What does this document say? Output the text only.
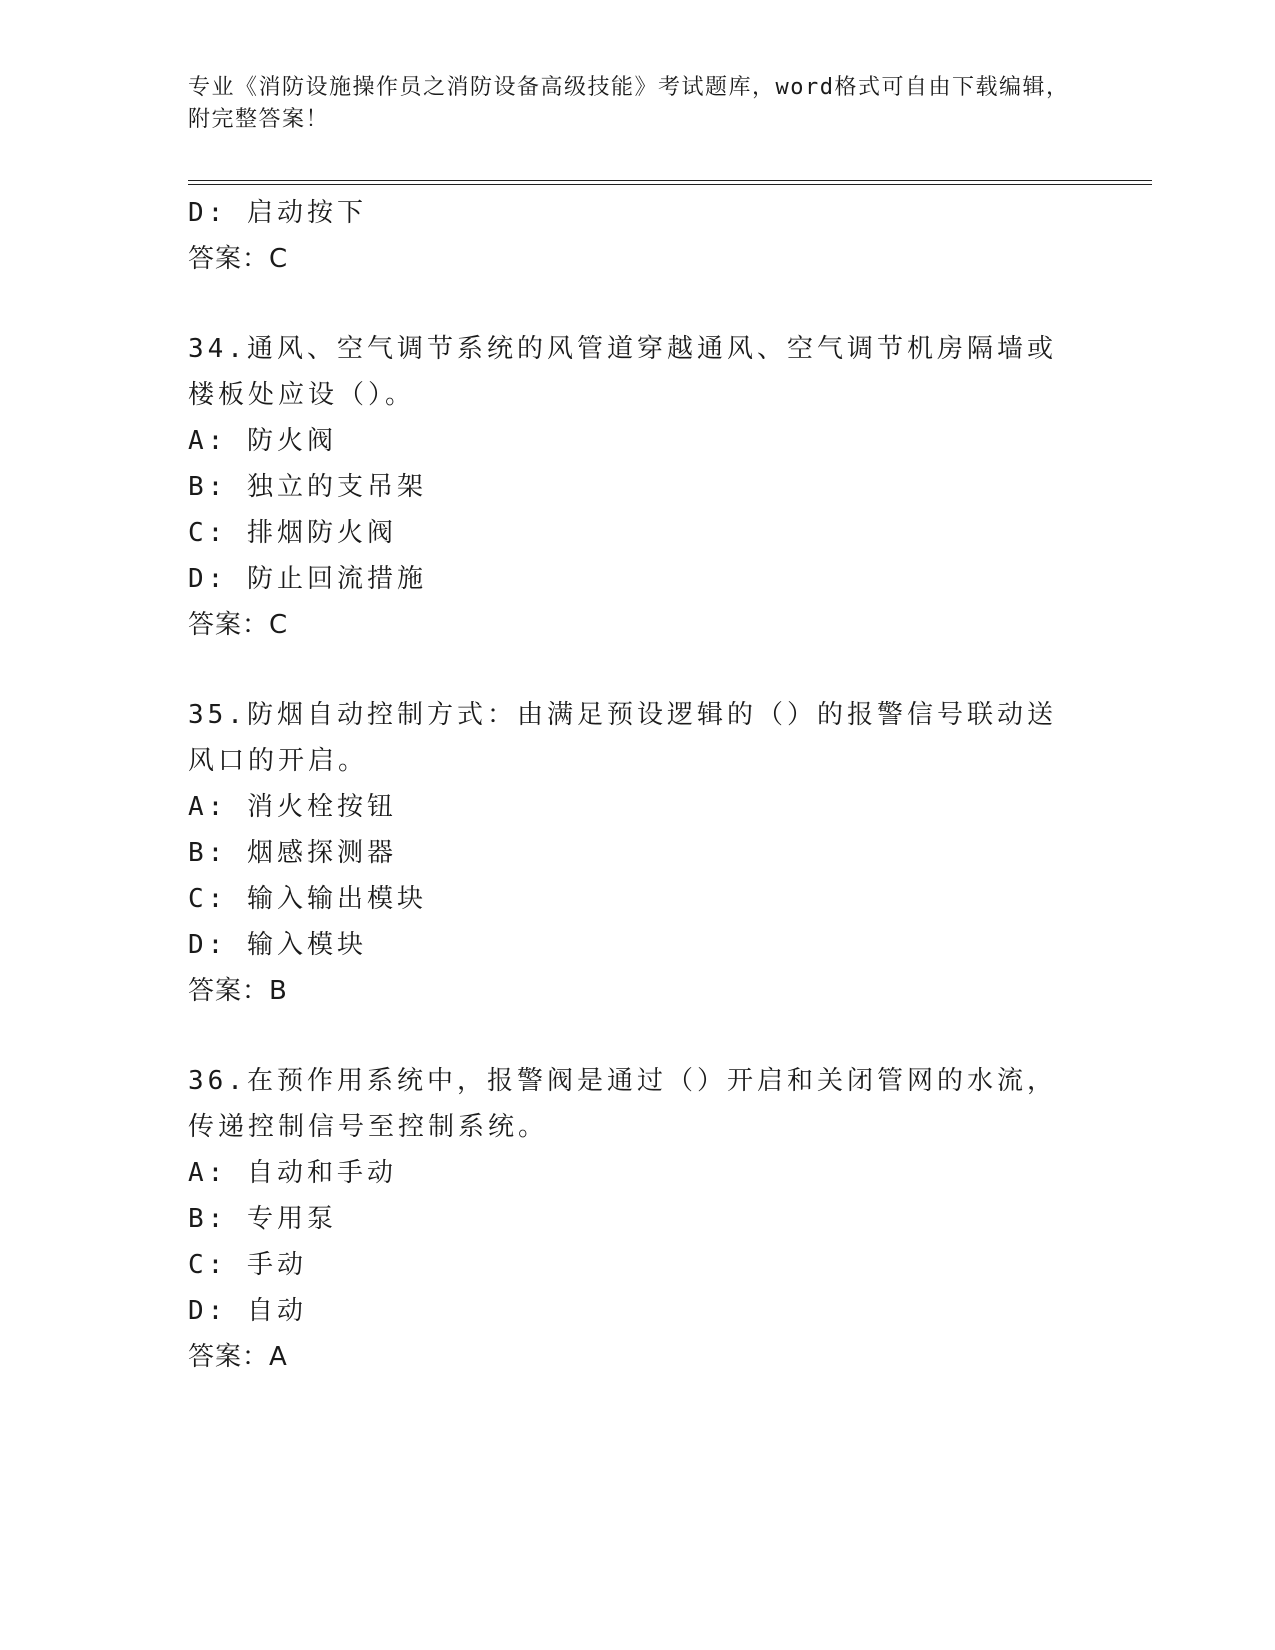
专业《消防设施操作员之消防设备高级技能》考试题库，word格式可自由下载编辑，附完整答案！
D: 启动按下
答案：C
34.通风、空气调节系统的风管道穿越通风、空气调节机房隔墙或楼板处应设（）。
A: 防火阀
B: 独立的支吊架
C: 排烟防火阀
D: 防止回流措施
答案：C
35.防烟自动控制方式：由满足预设逻辑的（）的报警信号联动送风口的开启。
A: 消火栓按钮
B: 烟感探测器
C: 输入输出模块
D: 输入模块
答案：B
36.在预作用系统中，报警阀是通过（）开启和关闭管网的水流，传递控制信号至控制系统。
A: 自动和手动
B: 专用泵
C: 手动
D: 自动
答案：A
